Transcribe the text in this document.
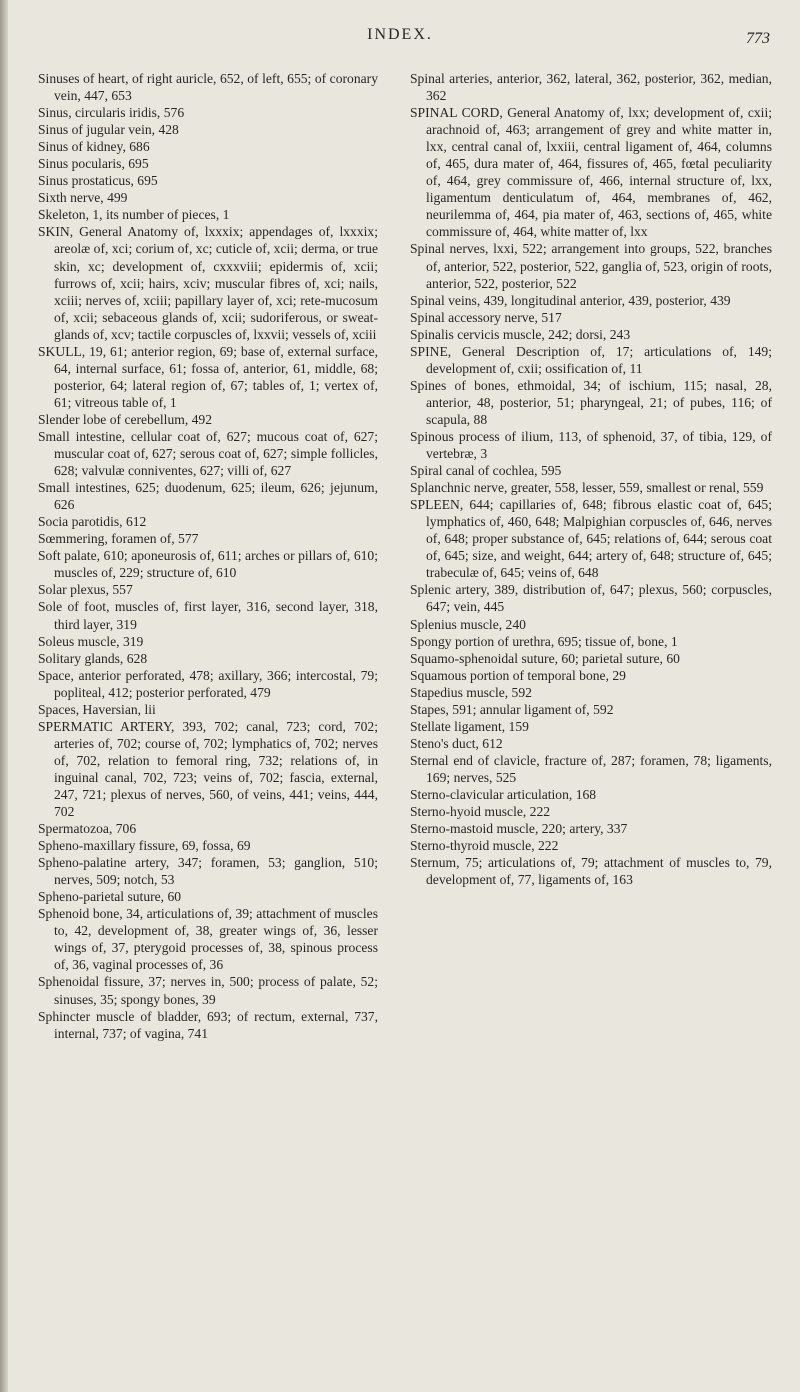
INDEX.	773

Sinuses of heart, of right auricle, 652, of left, 655; of coronary vein, 447, 653

Sinus, circularis iridis, 576

Sinus of jugular vein, 428

Sinus of kidney, 686

Sinus pocularis, 695

Sinus prostaticus, 695

Sixth nerve, 499

Skeleton, 1, its number of pieces, 1

SKIN, General Anatomy of, lxxxix; appendages of, lxxxix; areolæ of, xci; corium of, xc; cuticle of, xcii; derma, or true skin, xc; development of, cxxxviii; epidermis of, xcii; furrows of, xcii; hairs, xciv; muscular fibres of, xci; nails, xciii; nerves of, xciii; papillary layer of, xci; rete-mucosum of, xcii; sebaceous glands of, xcii; sudoriferous, or sweat-glands of, xcv; tactile corpuscles of, lxxvii; vessels of, xciii

SKULL, 19, 61; anterior region, 69; base of, external surface, 64, internal surface, 61; fossa of, anterior, 61, middle, 68; posterior, 64; lateral region of, 67; tables of, 1; vertex of, 61; vitreous table of, 1

Slender lobe of cerebellum, 492

Small intestine, cellular coat of, 627; mucous coat of, 627; muscular coat of, 627; serous coat of, 627; simple follicles, 628; valvulæ conniventes, 627; villi of, 627

Small intestines, 625; duodenum, 625; ileum, 626; jejunum, 626

Socia parotidis, 612

Sœmmering, foramen of, 577

Soft palate, 610; aponeurosis of, 611; arches or pillars of, 610; muscles of, 229; structure of, 610

Solar plexus, 557

Sole of foot, muscles of, first layer, 316, second layer, 318, third layer, 319

Soleus muscle, 319

Solitary glands, 628

Space, anterior perforated, 478; axillary, 366; intercostal, 79; popliteal, 412; posterior perforated, 479

Spaces, Haversian, lii

SPERMATIC ARTERY, 393, 702; canal, 723; cord, 702; arteries of, 702; course of, 702; lymphatics of, 702; nerves of, 702, relation to femoral ring, 732; relations of, in inguinal canal, 702, 723; veins of, 702; fascia, external, 247, 721; plexus of nerves, 560, of veins, 441; veins, 444, 702

Spermatozoa, 706

Spheno-maxillary fissure, 69, fossa, 69

Spheno-palatine artery, 347; foramen, 53; ganglion, 510; nerves, 509; notch, 53

Spheno-parietal suture, 60

Sphenoid bone, 34, articulations of, 39; attachment of muscles to, 42, development of, 38, greater wings of, 36, lesser wings of, 37, pterygoid processes of, 38, spinous process of, 36, vaginal processes of, 36

Sphenoidal fissure, 37; nerves in, 500; process of palate, 52; sinuses, 35; spongy bones, 39

Sphincter muscle of bladder, 693; of rectum, external, 737, internal, 737; of vagina, 741

Spinal arteries, anterior, 362, lateral, 362, posterior, 362, median, 362

SPINAL CORD, General Anatomy of, lxx; development of, cxii; arachnoid of, 463; arrangement of grey and white matter in, lxx, central canal of, lxxiii, central ligament of, 464, columns of, 465, dura mater of, 464, fissures of, 465, fœtal peculiarity of, 464, grey commissure of, 466, internal structure of, lxx, ligamentum denticulatum of, 464, membranes of, 462, neurilemma of, 464, pia mater of, 463, sections of, 465, white commissure of, 464, white matter of, lxx

Spinal nerves, lxxi, 522; arrangement into groups, 522, branches of, anterior, 522, posterior, 522, ganglia of, 523, origin of roots, anterior, 522, posterior, 522

Spinal veins, 439, longitudinal anterior, 439, posterior, 439

Spinal accessory nerve, 517

Spinalis cervicis muscle, 242; dorsi, 243

SPINE, General Description of, 17; articulations of, 149; development of, cxii; ossification of, 11

Spines of bones, ethmoidal, 34; of ischium, 115; nasal, 28, anterior, 48, posterior, 51; pharyngeal, 21; of pubes, 116; of scapula, 88

Spinous process of ilium, 113, of sphenoid, 37, of tibia, 129, of vertebræ, 3

Spiral canal of cochlea, 595

Splanchnic nerve, greater, 558, lesser, 559, smallest or renal, 559

SPLEEN, 644; capillaries of, 648; fibrous elastic coat of, 645; lymphatics of, 460, 648; Malpighian corpuscles of, 646, nerves of, 648; proper substance of, 645; relations of, 644; serous coat of, 645; size, and weight, 644; artery of, 648; structure of, 645; trabeculæ of, 645; veins of, 648

Splenic artery, 389, distribution of, 647; plexus, 560; corpuscles, 647; vein, 445

Splenius muscle, 240

Spongy portion of urethra, 695; tissue of, bone, 1

Squamo-sphenoidal suture, 60; parietal suture, 60

Squamous portion of temporal bone, 29

Stapedius muscle, 592

Stapes, 591; annular ligament of, 592

Stellate ligament, 159

Steno's duct, 612

Sternal end of clavicle, fracture of, 287; foramen, 78; ligaments, 169; nerves, 525

Sterno-clavicular articulation, 168

Sterno-hyoid muscle, 222

Sterno-mastoid muscle, 220; artery, 337

Sterno-thyroid muscle, 222

Sternum, 75; articulations of, 79; attachment of muscles to, 79, development of, 77, ligaments of, 163
